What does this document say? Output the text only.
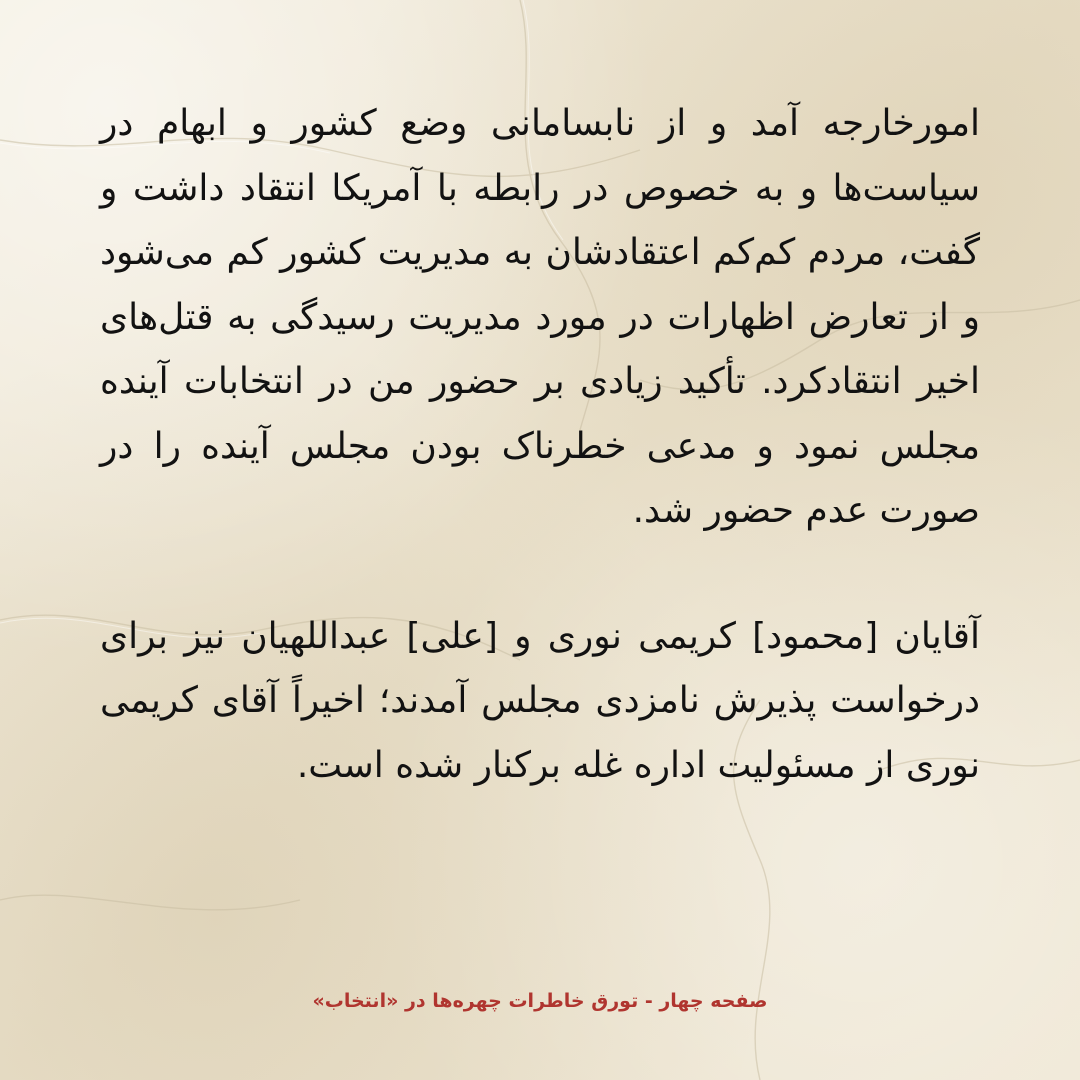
امورخارجه آمد و از نابسامانی وضع کشور و ابهام در سیاست‌ها و به خصوص در رابطه با آمریکا انتقاد داشت و گفت، مردم کم‌کم اعتقادشان به مدیریت کشور کم می‌شود و از تعارض اظهارات در مورد مدیریت رسیدگی به قتل‌های اخیر انتقادکرد. تأکید زیادی بر حضور من در انتخابات آینده مجلس نمود و مدعی خطرناک بودن مجلس آینده را در صورت عدم حضور شد.

آقایان [محمود] کریمی نوری و [علی] عبداللهیان نیز برای درخواست پذیرش نامزدی مجلس آمدند؛ اخیراً آقای کریمی نوری از مسئولیت اداره غله برکنار شده است.

صفحه چهار - تورق خاطرات چهره‌ها در «انتخاب»
